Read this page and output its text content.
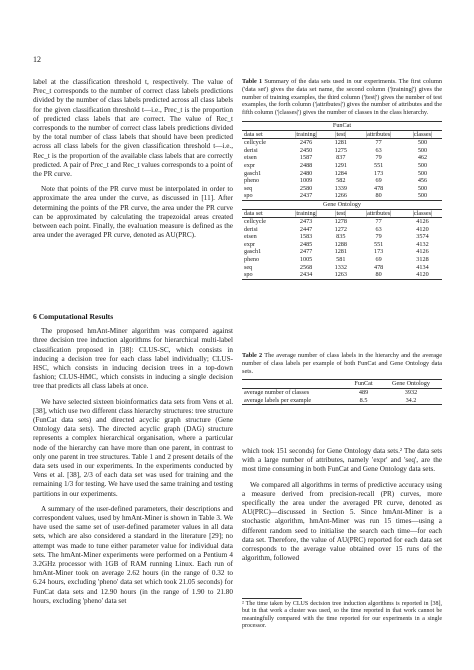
12

label at the classification threshold t, respectively. The value of Prec_t corresponds to the number of correct class labels predictions divided by the number of class labels predicted across all class labels for the given classification threshold t—i.e., Prec_t is the proportion of predicted class labels that are correct. The value of Rec_t corresponds to the number of correct class labels predictions divided by the total number of class labels that should have been predicted across all class labels for the given classification threshold t—i.e., Rec_t is the proportion of the available class labels that are correctly predicted. A pair of Prec_t and Rec_t values corresponds to a point of the PR curve.

Note that points of the PR curve must be interpolated in order to approximate the area under the curve, as discussed in [11]. After determining the points of the PR curve, the area under the PR curve can be approximated by calculating the trapezoidal areas created between each point. Finally, the evaluation measure is defined as the area under the averaged PR curve, denoted as AU(PRC).

6 Computational Results

The proposed hmAnt-Miner algorithm was compared against three decision tree induction algorithms for hierarchical multi-label classification proposed in [38]: CLUS-SC, which consists in inducing a decision tree for each class label individually; CLUS-HSC, which consists in inducing decision trees in a top-down fashion; CLUS-HMC, which consists in inducing a single decision tree that predicts all class labels at once.

We have selected sixteen bioinformatics data sets from Vens et al. [38], which use two different class hierarchy structures: tree structure (FunCat data sets) and directed acyclic graph structure (Gene Ontology data sets). The directed acyclic graph (DAG) structure represents a complex hierarchical organisation, where a particular node of the hierarchy can have more than one parent, in contrast to only one parent in tree structures. Table 1 and 2 present details of the data sets used in our experiments. In the experiments conducted by Vens et al. [38], 2/3 of each data set was used for training and the remaining 1/3 for testing. We have used the same training and testing partitions in our experiments.

A summary of the user-defined parameters, their descriptions and correspondent values, used by hmAnt-Miner is shown in Table 3. We have used the same set of user-defined parameter values in all data sets, which are also considered a standard in the literature [29]; no attempt was made to tune either parameter value for individual data sets. The hmAnt-Miner experiments were performed on a Pentium 4 3.2GHz processor with 1GB of RAM running Linux. Each run of hmAnt-Miner took on average 2.62 hours (in the range of 0.32 to 6.24 hours, excluding 'pheno' data set which took 21.05 seconds) for FunCat data sets and 12.90 hours (in the range of 1.90 to 21.80 hours, excluding 'pheno' data set

Table 1 Summary of the data sets used in our experiments. The first column ('data set') gives the data set name, the second column ('|training|') gives the number of training examples, the third column ('|test|') gives the number of test examples, the forth column ('|attributes|') gives the number of attributes and the fifth column ('|classes|') gives the number of classes in the class hierarchy.

FunCat				
data set	|training|	|test|	|attributes|	|classes|
cellcycle	2476	1281	77	500
derisi	2450	1275	63	500
eisen	1587	837	79	462
expr	2488	1291	551	500
gasch1	2480	1284	173	500
pheno	1009	582	69	456
seq	2580	1339	478	500
spo	2437	1266	80	500
Gene Ontology				
data set	|training|	|test|	|attributes|	|classes|
cellcycle	2473	1278	77	4126
derisi	2447	1272	63	4120
eisen	1583	835	79	3574
expr	2485	1288	551	4132
gasch1	2477	1281	173	4126
pheno	1005	581	69	3128
seq	2568	1332	478	4134
spo	2434	1263	80	4120

Table 2 The average number of class labels in the hierarchy and the average number of class labels per example of both FunCat and Gene Ontology data sets.

	FunCat	Gene Ontology
average number of classes	489	3932
average labels per example	8.5	34.2

which took 151 seconds) for Gene Ontology data sets.² The data sets with a large number of attributes, namely 'expr' and 'seq', are the most time consuming in both FunCat and Gene Ontology data sets.

We compared all algorithms in terms of predictive accuracy using a measure derived from precision-recall (PR) curves, more specifically the area under the averaged PR curve, denoted as AU(PRC)—discussed in Section 5. Since hmAnt-Miner is a stochastic algorithm, hmAnt-Miner was run 15 times—using a different random seed to initialise the search each time—for each data set. Therefore, the value of AU(PRC) reported for each data set corresponds to the average value obtained over 15 runs of the algorithm, followed

² The time taken by CLUS decision tree induction algorithms is reported in [38], but in that work a cluster was used, so the time reported in that work cannot be meaningfully compared with the time reported for our experiments in a single processor.
